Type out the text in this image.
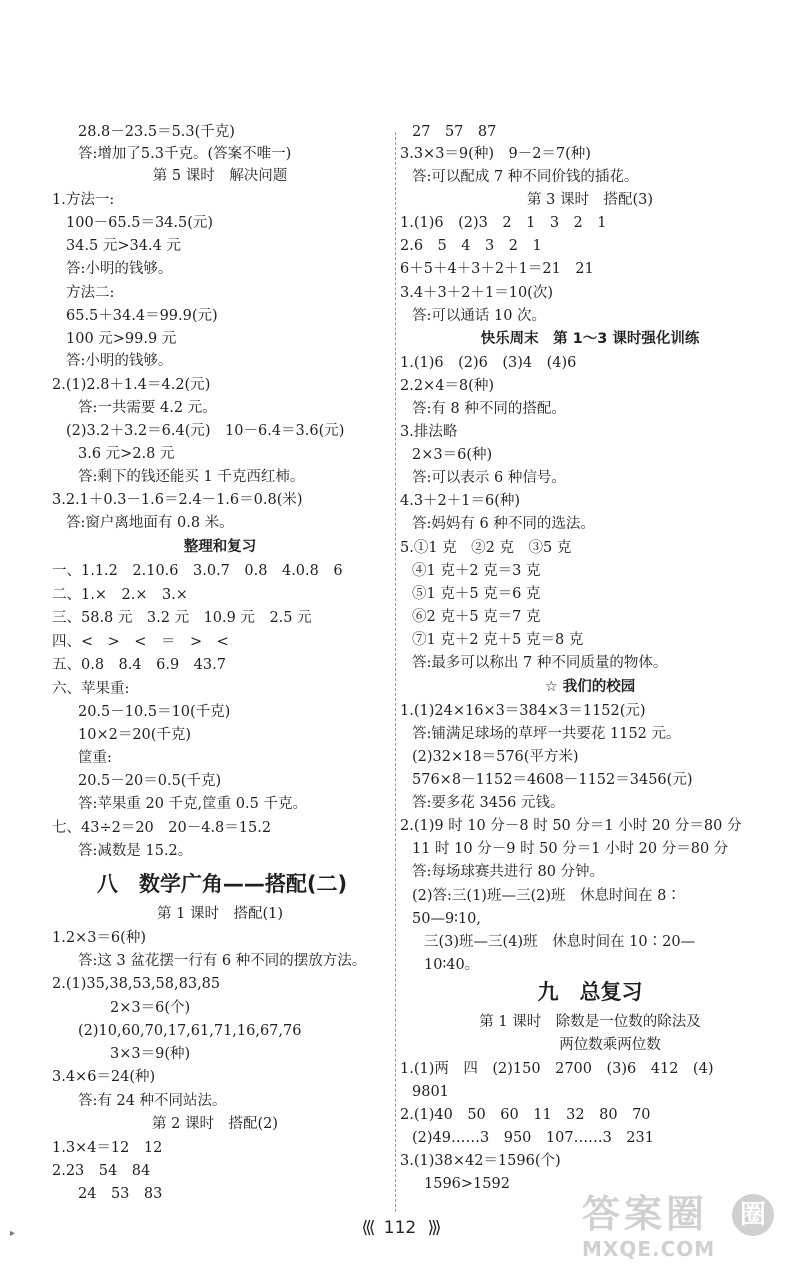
28.8－23.5＝5.3(千克)
答:增加了5.3千克。(答案不唯一)
第 5 课时　解决问题
1.方法一:
100－65.5＝34.5(元)
34.5 元>34.4 元
答:小明的钱够。
方法二:
65.5＋34.4＝99.9(元)
100 元>99.9 元
答:小明的钱够。
2.(1)2.8＋1.4＝4.2(元)
答:一共需要 4.2 元。
(2)3.2＋3.2＝6.4(元)　10－6.4＝3.6(元)
3.6 元>2.8 元
答:剩下的钱还能买 1 千克西红柿。
3.2.1＋0.3－1.6＝2.4－1.6＝0.8(米)
答:窗户离地面有 0.8 米。
整理和复习
一、1.1.2　2.10.6　3.0.7　0.8　4.0.8　6
二、1.×　2.×　3.×
三、58.8 元　3.2 元　10.9 元　2.5 元
四、<　>　<　＝　>　<
五、0.8　8.4　6.9　43.7
六、苹果重:
20.5－10.5＝10(千克)
10×2＝20(千克)
筐重:
20.5－20＝0.5(千克)
答:苹果重 20 千克,筐重 0.5 千克。
七、43÷2＝20　20－4.8＝15.2
答:减数是 15.2。
八　数学广角——搭配(二)
第 1 课时　搭配(1)
1.2×3＝6(种)
答:这 3 盆花摆一行有 6 种不同的摆放方法。
2.(1)35,38,53,58,83,85
2×3＝6(个)
(2)10,60,70,17,61,71,16,67,76
3×3＝9(种)
3.4×6＝24(种)
答:有 24 种不同站法。
第 2 课时　搭配(2)
1.3×4＝12　12
2.23　54　84
24　53　83
27　57　87
3.3×3＝9(种)　9－2＝7(种)
答:可以配成 7 种不同价钱的插花。
第 3 课时　搭配(3)
1.(1)6　(2)3　2　1　3　2　1
2.6　5　4　3　2　1
6＋5＋4＋3＋2＋1＝21　21
3.4＋3＋2＋1＝10(次)
答:可以通话 10 次。
快乐周末　第 1～3 课时强化训练
1.(1)6　(2)6　(3)4　(4)6
2.2×4＝8(种)
答:有 8 种不同的搭配。
3.排法略
2×3＝6(种)
答:可以表示 6 种信号。
4.3＋2＋1＝6(种)
答:妈妈有 6 种不同的选法。
5.①1 克　②2 克　③5 克
④1 克＋2 克＝3 克
⑤1 克＋5 克＝6 克
⑥2 克＋5 克＝7 克
⑦1 克＋2 克＋5 克＝8 克
答:最多可以称出 7 种不同质量的物体。
☆ 我们的校园
1.(1)24×16×3＝384×3＝1152(元)
答:铺满足球场的草坪一共要花 1152 元。
(2)32×18＝576(平方米)
576×8－1152＝4608－1152＝3456(元)
答:要多花 3456 元钱。
2.(1)9 时 10 分－8 时 50 分＝1 小时 20 分＝80 分
11 时 10 分－9 时 50 分＝1 小时 20 分＝80 分
答:每场球赛共进行 80 分钟。
(2)答:三(1)班—三(2)班　休息时间在 8∶
50—9∶10,
三(3)班—三(4)班　休息时间在 10∶20—
10∶40。
九　总复习
第 1 课时　除数是一位数的除法及
两位数乘两位数
1.(1)两　四　(2)150　2700　(3)6　412　(4)
9801
2.(1)40　50　60　11　32　80　70
(2)49……3　950　107……3　231
3.(1)38×42＝1596(个)
1596>1592
⟨⟨⟨ 112 ⟩⟩⟩
▸	答案圈	圈
MXQE.COM
